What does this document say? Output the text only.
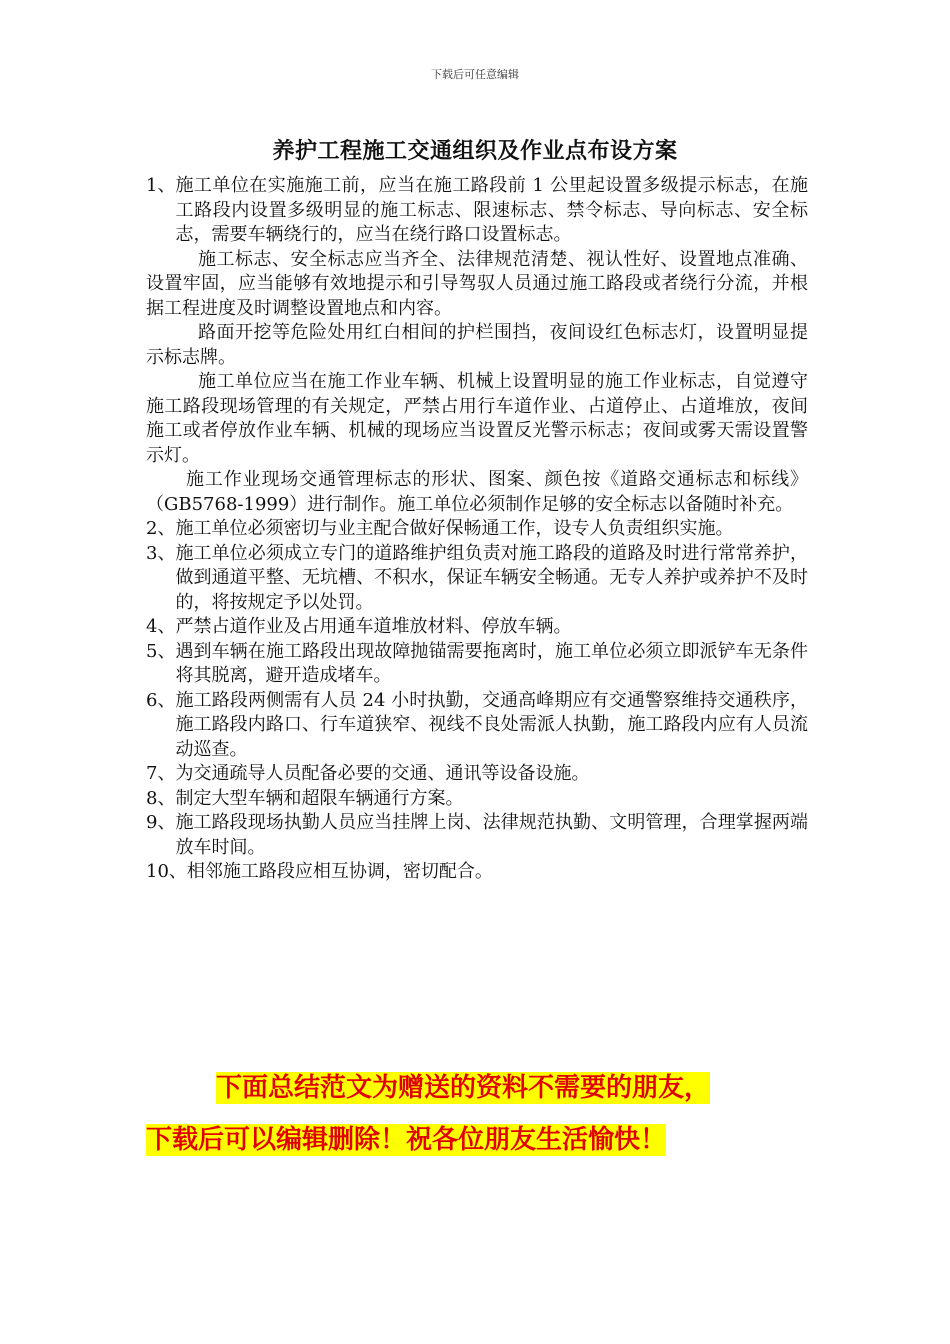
下载后可任意编辑
养护工程施工交通组织及作业点布设方案
1、 施工单位在实施施工前，应当在施工路段前 1 公里起设置多级提示标志，在施工路段内设置多级明显的施工标志、限速标志、禁令标志、导向标志、安全标志，需要车辆绕行的，应当在绕行路口设置标志。

施工标志、安全标志应当齐全、法律规范清楚、视认性好、设置地点准确、设置牢固，应当能够有效地提示和引导驾驭人员通过施工路段或者绕行分流，并根据工程进度及时调整设置地点和内容。

路面开挖等危险处用红白相间的护栏围挡，夜间设红色标志灯，设置明显提示标志牌。

施工单位应当在施工作业车辆、机械上设置明显的施工作业标志，自觉遵守施工路段现场管理的有关规定，严禁占用行车道作业、占道停止、占道堆放，夜间施工或者停放作业车辆、机械的现场应当设置反光警示标志；夜间或雾天需设置警示灯。

施工作业现场交通管理标志的形状、图案、颜色按《道路交通标志和标线》（GB5768-1999）进行制作。施工单位必须制作足够的安全标志以备随时补充。

2、 施工单位必须密切与业主配合做好保畅通工作，设专人负责组织实施。
3、 施工单位必须成立专门的道路维护组负责对施工路段的道路及时进行常常养护，做到通道平整、无坑槽、不积水，保证车辆安全畅通。无专人养护或养护不及时的，将按规定予以处罚。
4、 严禁占道作业及占用通车道堆放材料、停放车辆。
5、 遇到车辆在施工路段出现故障抛锚需要拖离时，施工单位必须立即派铲车无条件将其脱离，避开造成堵车。
6、 施工路段两侧需有人员 24 小时执勤，交通高峰期应有交通警察维持交通秩序，施工路段内路口、行车道狭窄、视线不良处需派人执勤，施工路段内应有人员流动巡查。
7、 为交通疏导人员配备必要的交通、通讯等设备设施。
8、 制定大型车辆和超限车辆通行方案。
9、 施工路段现场执勤人员应当挂牌上岗、法律规范执勤、文明管理，合理掌握两端放车时间。
10、 相邻施工路段应相互协调，密切配合。
下面总结范文为赠送的资料不需要的朋友，
下载后可以编辑删除！祝各位朋友生活愉快！
